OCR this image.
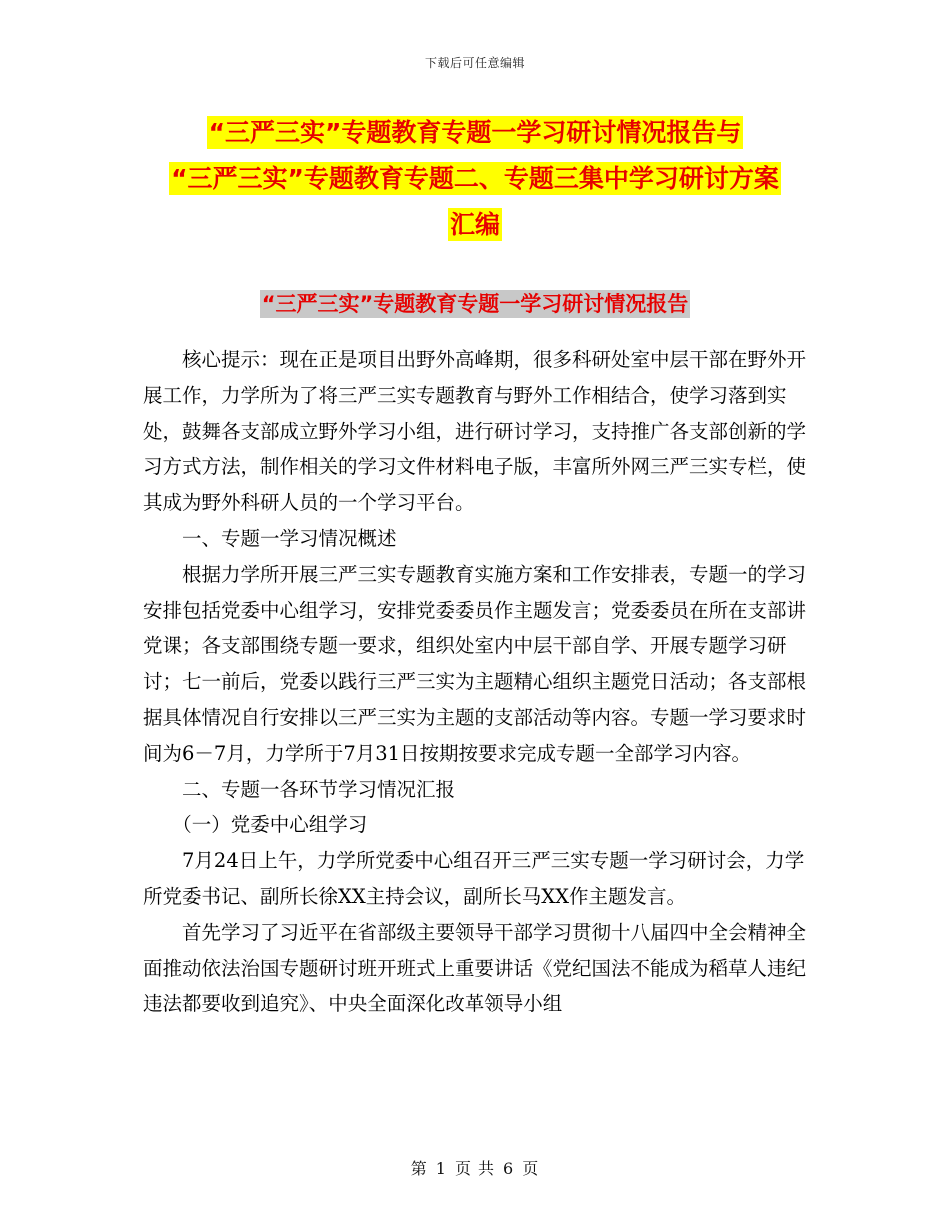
下载后可任意编辑
“三严三实”专题教育专题一学习研讨情况报告与
“三严三实”专题教育专题二、专题三集中学习研讨方案
汇编
“三严三实”专题教育专题一学习研讨情况报告

核心提示：现在正是项目出野外高峰期，很多科研处室中层干部在野外开展工作，力学所为了将三严三实专题教育与野外工作相结合，使学习落到实处，鼓舞各支部成立野外学习小组，进行研讨学习，支持推广各支部创新的学习方式方法，制作相关的学习文件材料电子版，丰富所外网三严三实专栏，使其成为野外科研人员的一个学习平台。

一、专题一学习情况概述

根据力学所开展三严三实专题教育实施方案和工作安排表，专题一的学习安排包括党委中心组学习，安排党委委员作主题发言；党委委员在所在支部讲党课；各支部围绕专题一要求，组织处室内中层干部自学、开展专题学习研讨；七一前后，党委以践行三严三实为主题精心组织主题党日活动；各支部根据具体情况自行安排以三严三实为主题的支部活动等内容。专题一学习要求时间为6－7月，力学所于7月31日按期按要求完成专题一全部学习内容。

二、专题一各环节学习情况汇报

（一）党委中心组学习

7月24日上午，力学所党委中心组召开三严三实专题一学习研讨会，力学所党委书记、副所长徐XX主持会议，副所长马XX作主题发言。

首先学习了习近平在省部级主要领导干部学习贯彻十八届四中全会精神全面推动依法治国专题研讨班开班式上重要讲话《党纪国法不能成为稻草人违纪违法都要收到追究》、中央全面深化改革领导小组

第 1 页 共 6 页
